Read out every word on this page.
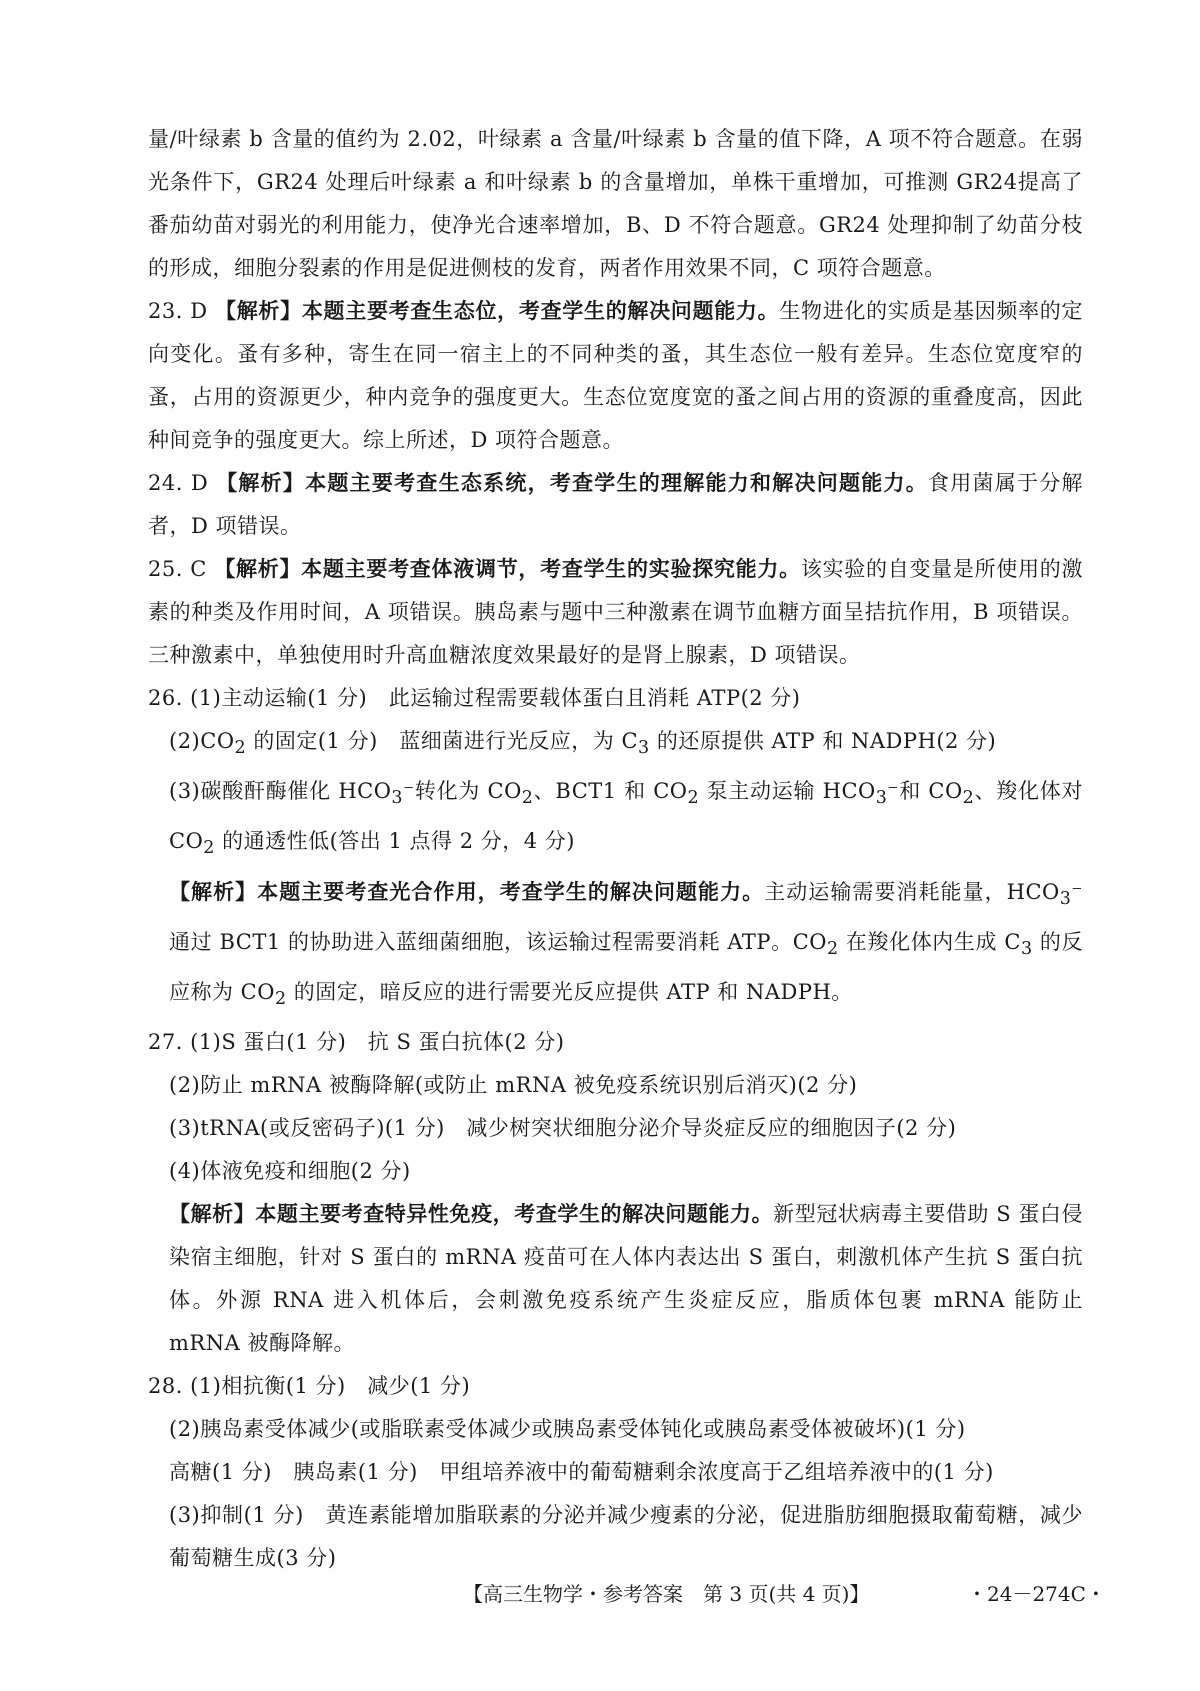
量/叶绿素 b 含量的值约为 2.02，叶绿素 a 含量/叶绿素 b 含量的值下降，A 项不符合题意。在弱光条件下，GR24 处理后叶绿素 a 和叶绿素 b 的含量增加，单株干重增加，可推测 GR24提高了番茄幼苗对弱光的利用能力，使净光合速率增加，B、D 不符合题意。GR24 处理抑制了幼苗分枝的形成，细胞分裂素的作用是促进侧枝的发育，两者作用效果不同，C 项符合题意。

23. D 【解析】本题主要考查生态位，考查学生的解决问题能力。生物进化的实质是基因频率的定向变化。蚤有多种，寄生在同一宿主上的不同种类的蚤，其生态位一般有差异。生态位宽度窄的蚤，占用的资源更少，种内竞争的强度更大。生态位宽度宽的蚤之间占用的资源的重叠度高，因此种间竞争的强度更大。综上所述，D 项符合题意。

24. D 【解析】本题主要考查生态系统，考查学生的理解能力和解决问题能力。食用菌属于分解者，D 项错误。

25. C 【解析】本题主要考查体液调节，考查学生的实验探究能力。该实验的自变量是所使用的激素的种类及作用时间，A 项错误。胰岛素与题中三种激素在调节血糖方面呈拮抗作用，B 项错误。三种激素中，单独使用时升高血糖浓度效果最好的是肾上腺素，D 项错误。

26. (1)主动运输(1 分)　此运输过程需要载体蛋白且消耗 ATP(2 分)

$(2)CO_2$ 的固定(1 分)　蓝细菌进行光反应，为 $C_3$ 的还原提供 ATP 和 NADPH(2 分)

(3)碳酸酐酶催化 $HCO_3^-$转化为 $CO_2$、BCT1 和 $CO_2$ 泵主动运输 $HCO_3^-$和 $CO_2$、羧化体对 $CO_2$ 的通透性低(答出 1 点得 2 分，4 分)

【解析】本题主要考查光合作用，考查学生的解决问题能力。主动运输需要消耗能量，$HCO_3^-$通过 BCT1 的协助进入蓝细菌细胞，该运输过程需要消耗 ATP。$CO_2$ 在羧化体内生成 $C_3$ 的反应称为 $CO_2$ 的固定，暗反应的进行需要光反应提供 ATP 和 NADPH。

27. (1)S 蛋白(1 分)　抗 S 蛋白抗体(2 分)

(2)防止 mRNA 被酶降解(或防止 mRNA 被免疫系统识别后消灭)(2 分)

(3)tRNA(或反密码子)(1 分)　减少树突状细胞分泌介导炎症反应的细胞因子(2 分)

(4)体液免疫和细胞(2 分)

【解析】本题主要考查特异性免疫，考查学生的解决问题能力。新型冠状病毒主要借助 S 蛋白侵染宿主细胞，针对 S 蛋白的 mRNA 疫苗可在人体内表达出 S 蛋白，刺激机体产生抗 S 蛋白抗体。外源 RNA 进入机体后，会刺激免疫系统产生炎症反应，脂质体包裹 mRNA 能防止 mRNA 被酶降解。

28. (1)相抗衡(1 分)　减少(1 分)

(2)胰岛素受体减少(或脂联素受体减少或胰岛素受体钝化或胰岛素受体被破坏)(1 分)

高糖(1 分)　胰岛素(1 分)　甲组培养液中的葡萄糖剩余浓度高于乙组培养液中的(1 分)

(3)抑制(1 分)　黄连素能增加脂联素的分泌并减少瘦素的分泌，促进脂肪细胞摄取葡萄糖，减少葡萄糖生成(3 分)

【高三生物学・参考答案　第 3 页(共 4 页)】	・24－274C・
